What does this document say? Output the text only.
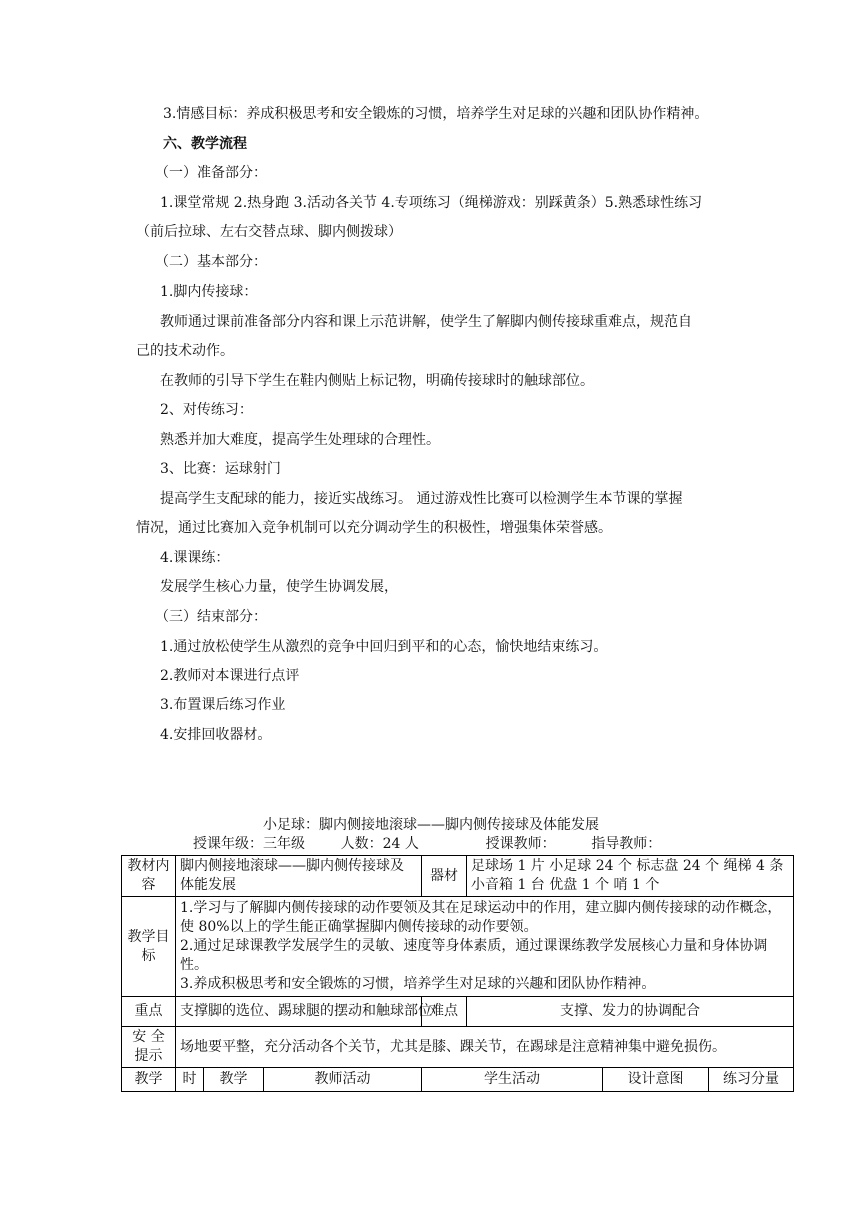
3.情感目标：养成积极思考和安全锻炼的习惯，培养学生对足球的兴趣和团队协作精神。
六、教学流程
（一）准备部分：
1.课堂常规 2.热身跑 3.活动各关节 4.专项练习（绳梯游戏：别踩黄条）5.熟悉球性练习
（前后拉球、左右交替点球、脚内侧拨球）
（二）基本部分：
1.脚内传接球：
教师通过课前准备部分内容和课上示范讲解，使学生了解脚内侧传接球重难点，规范自
己的技术动作。
在教师的引导下学生在鞋内侧贴上标记物，明确传接球时的触球部位。
2、对传练习：
熟悉并加大难度，提高学生处理球的合理性。
3、比赛：运球射门
提高学生支配球的能力，接近实战练习。 通过游戏性比赛可以检测学生本节课的掌握
情况，通过比赛加入竞争机制可以充分调动学生的积极性，增强集体荣誉感。
4.课课练：
发展学生核心力量，使学生协调发展，
（三）结束部分：
1.通过放松使学生从激烈的竞争中回归到平和的心态，愉快地结束练习。
2.教师对本课进行点评
3.布置课后练习作业
4.安排回收器材。
小足球：脚内侧接地滚球——脚内侧传接球及体能发展
授课年级：三年级        人数：24 人               授课教师：        指导教师：
教材内容	脚内侧接地滚球——脚内侧传接球及体能发展			器材	足球场 1 片 小足球 24 个 标志盘 24 个 绳梯 4 条 小音箱 1 台 优盘 1 个 哨 1 个		
教学目标	1.学习与了解脚内侧传接球的动作要领及其在足球运动中的作用，建立脚内侧传接球的动作概念，使 80%以上的学生能正确掌握脚内侧传接球的动作要领。
2.通过足球课教学发展学生的灵敏、速度等身体素质，通过课课练教学发展核心力量和身体协调性。
3.养成积极思考和安全锻炼的习惯，培养学生对足球的兴趣和团队协作精神。						

重点	支撑脚的选位、踢球腿的摆动和触球部位			难点	支撑、发力的协调配合		
安 全 提示	场地要平整，充分活动各个关节，尤其是膝、踝关节，在踢球是注意精神集中避免损伤。						
教学	时	教学	教师活动	学生活动		设计意图	练习分量
